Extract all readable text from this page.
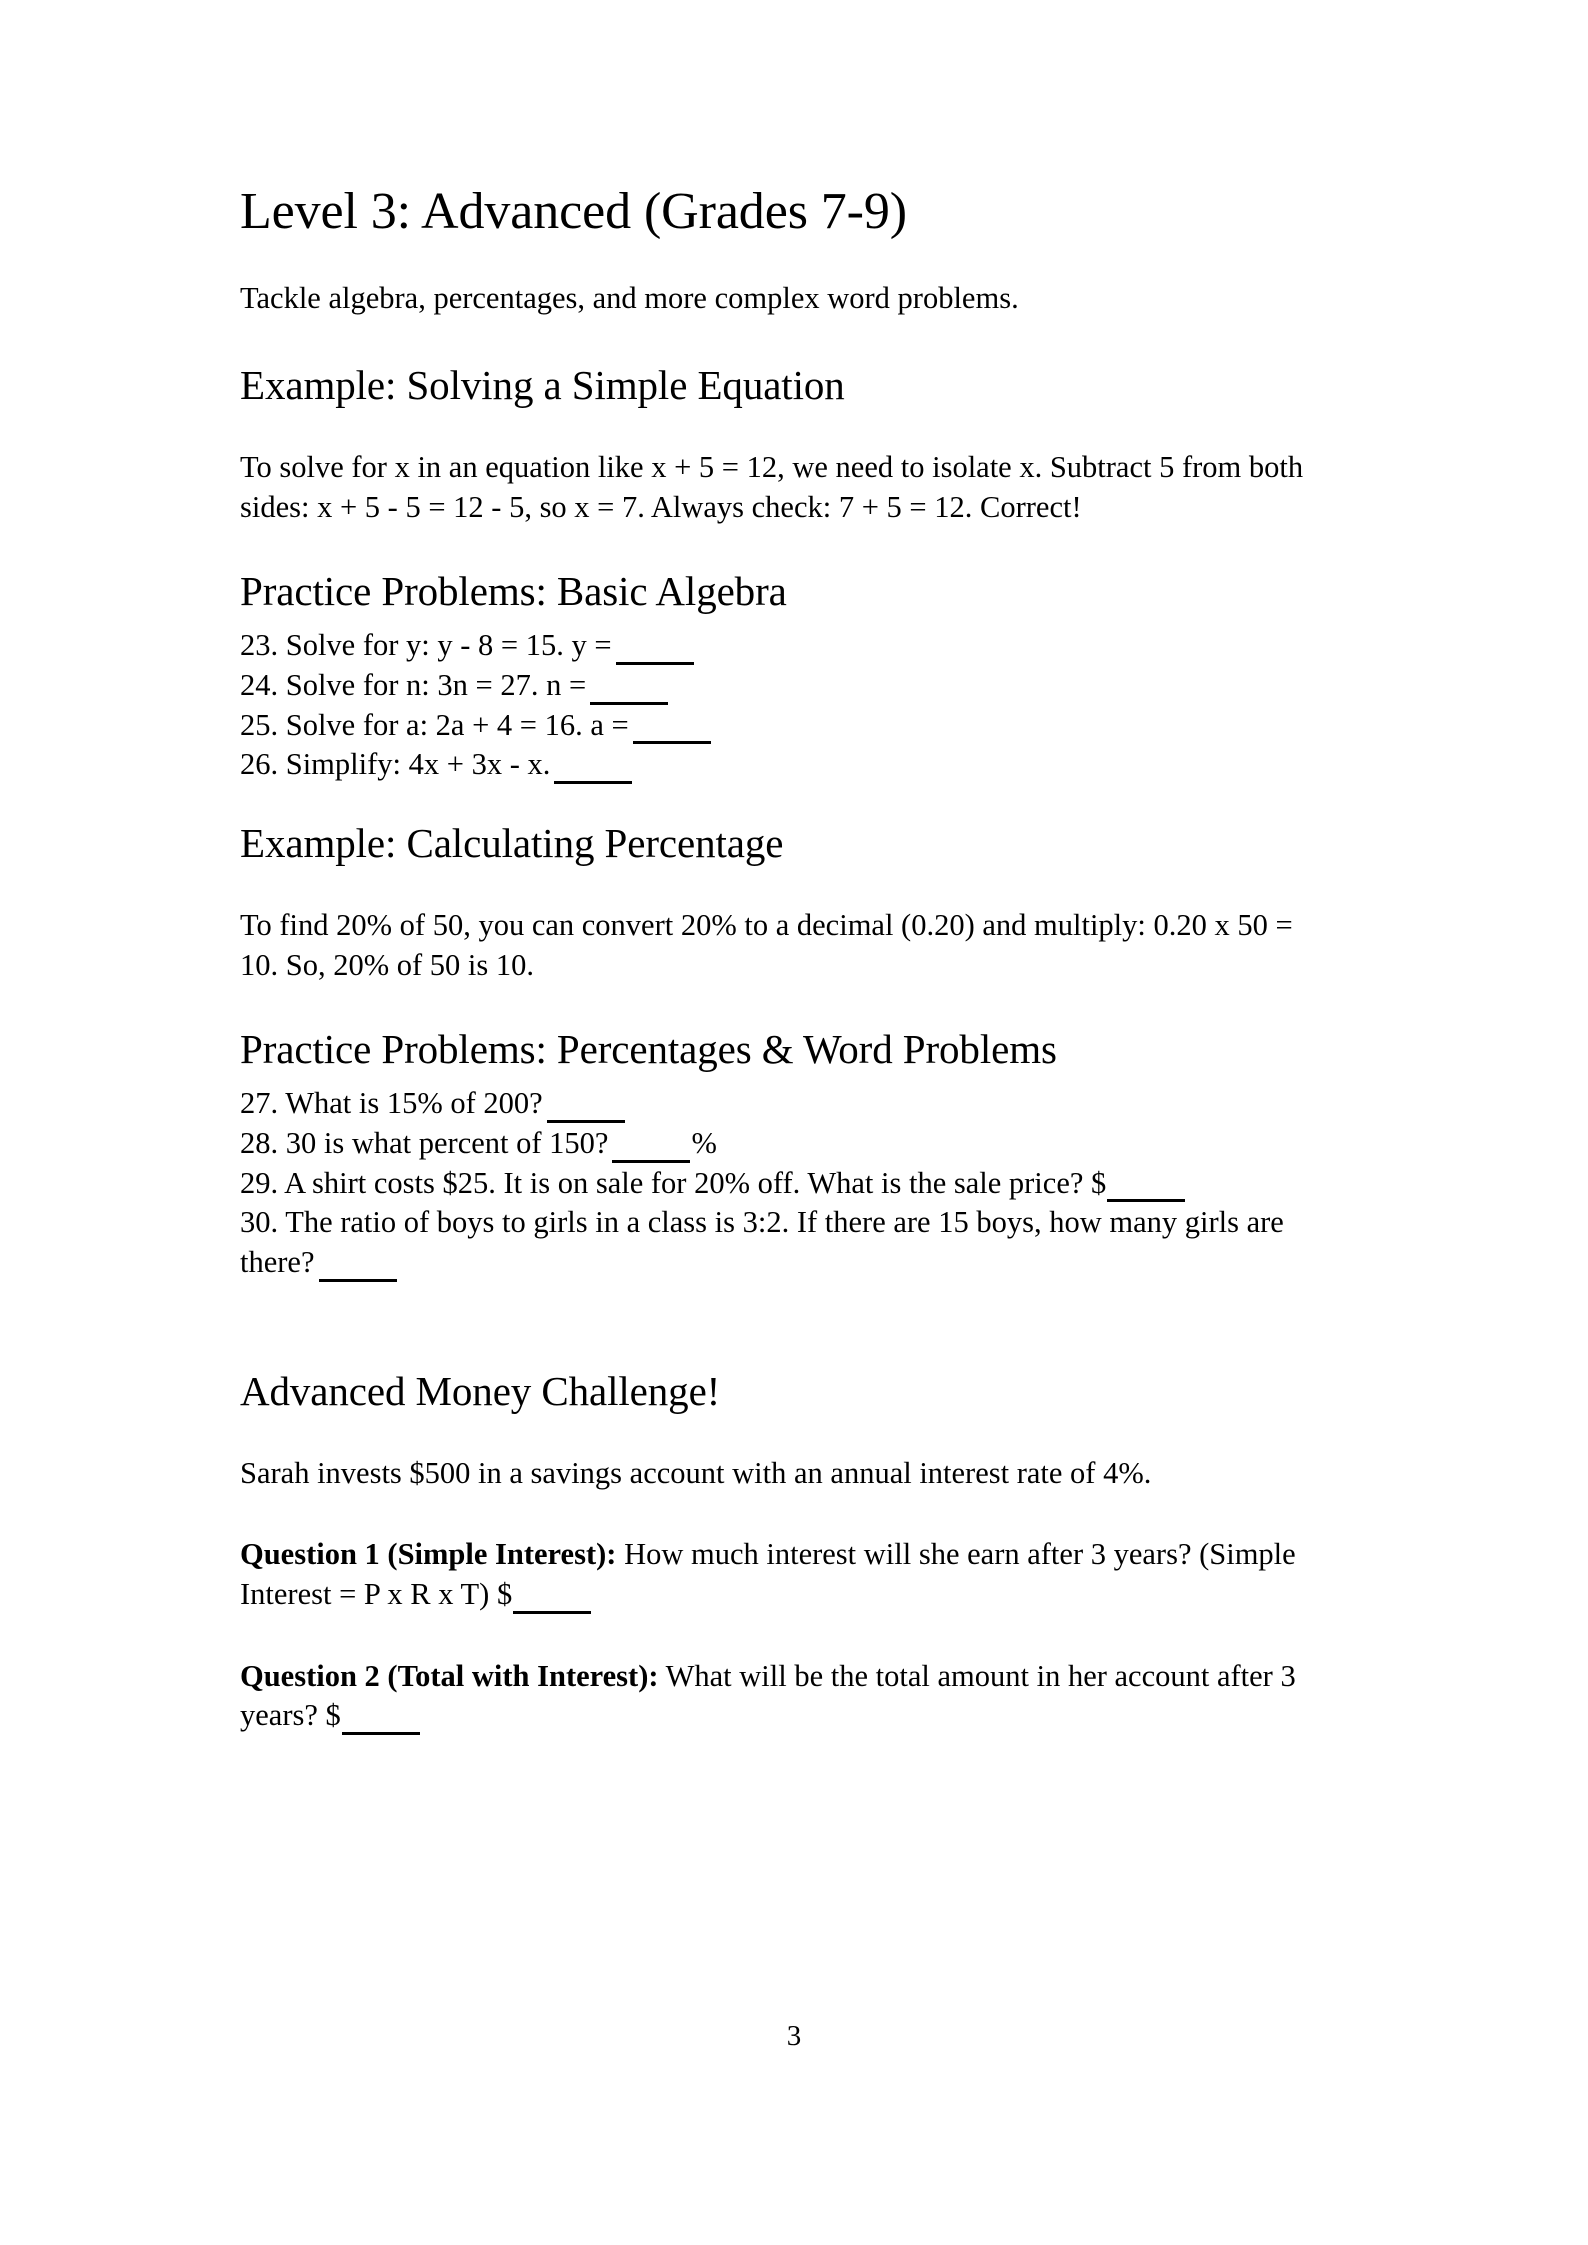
Level 3: Advanced (Grades 7-9)

Tackle algebra, percentages, and more complex word problems.

Example: Solving a Simple Equation

To solve for x in an equation like x + 5 = 12, we need to isolate x. Subtract 5 from both sides: x + 5 - 5 = 12 - 5, so x = 7. Always check: 7 + 5 = 12. Correct!

Practice Problems: Basic Algebra
23. Solve for y: y - 8 = 15. y =
24. Solve for n: 3n = 27. n =
25. Solve for a: 2a + 4 = 16. a =
26. Simplify: 4x + 3x - x.
Example: Calculating Percentage

To find 20% of 50, you can convert 20% to a decimal (0.20) and multiply: 0.20 x 50 = 10. So, 20% of 50 is 10.

Practice Problems: Percentages & Word Problems
27. What is 15% of 200?
28. 30 is what percent of 150?	%
29. A shirt costs $25. It is on sale for 20% off. What is the sale price? $
30. The ratio of boys to girls in a class is 3:2. If there are 15 boys, how many girls are there?
Advanced Money Challenge!

Sarah invests $500 in a savings account with an annual interest rate of 4%.

Question 1 (Simple Interest): How much interest will she earn after 3 years? (Simple Interest = P x R x T) $

Question 2 (Total with Interest): What will be the total amount in her account after 3 years? $

3
